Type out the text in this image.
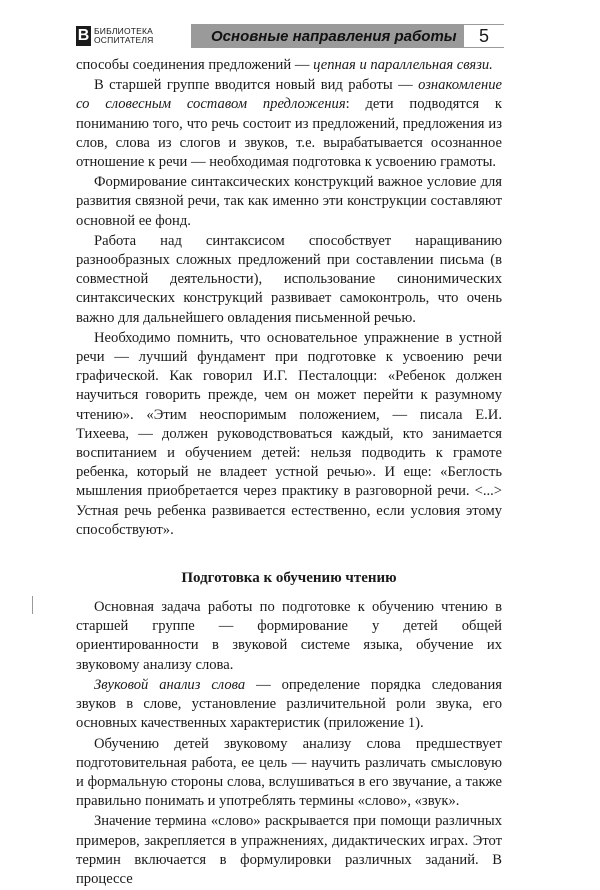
B БИБЛИОТЕКА
ОСПИТАТЕЛЯ	Основные направления работы	5

способы соединения предложений — цепная и параллельная связи.

В старшей группе вводится новый вид работы — ознакомление со словесным составом предложения: дети подводятся к пониманию того, что речь состоит из предложений, предложения из слов, слова из слогов и звуков, т.е. вырабатывается осознанное отношение к речи — необходимая подготовка к усвоению грамоты.

Формирование синтаксических конструкций важное условие для развития связной речи, так как именно эти конструкции составляют основной ее фонд.

Работа над синтаксисом способствует наращиванию разнообразных сложных предложений при составлении письма (в совместной деятельности), использование синонимических синтаксических конструкций развивает самоконтроль, что очень важно для дальнейшего овладения письменной речью.

Необходимо помнить, что основательное упражнение в устной речи — лучший фундамент при подготовке к усвоению речи графической. Как говорил И.Г. Песталоцци: «Ребенок должен научиться говорить прежде, чем он может перейти к разумному чтению». «Этим неоспоримым положением, — писала Е.И. Тихеева, — должен руководствоваться каждый, кто занимается воспитанием и обучением детей: нельзя подводить к грамоте ребенка, который не владеет устной речью». И еще: «Беглость мышления приобретается через практику в разговорной речи. <...> Устная речь ребенка развивается естественно, если условия этому способствуют».

Подготовка к обучению чтению

Основная задача работы по подготовке к обучению чтению в старшей группе — формирование у детей общей ориентированности в звуковой системе языка, обучение их звуковому анализу слова.

Звуковой анализ слова — определение порядка следования звуков в слове, установление различительной роли звука, его основных качественных характеристик (приложение 1).

Обучению детей звуковому анализу слова предшествует подготовительная работа, ее цель — научить различать смысловую и формальную стороны слова, вслушиваться в его звучание, а также правильно понимать и употреблять термины «слово», «звук».

Значение термина «слово» раскрывается при помощи различных примеров, закрепляется в упражнениях, дидактических играх. Этот термин включается в формулировки различных заданий. В процессе
